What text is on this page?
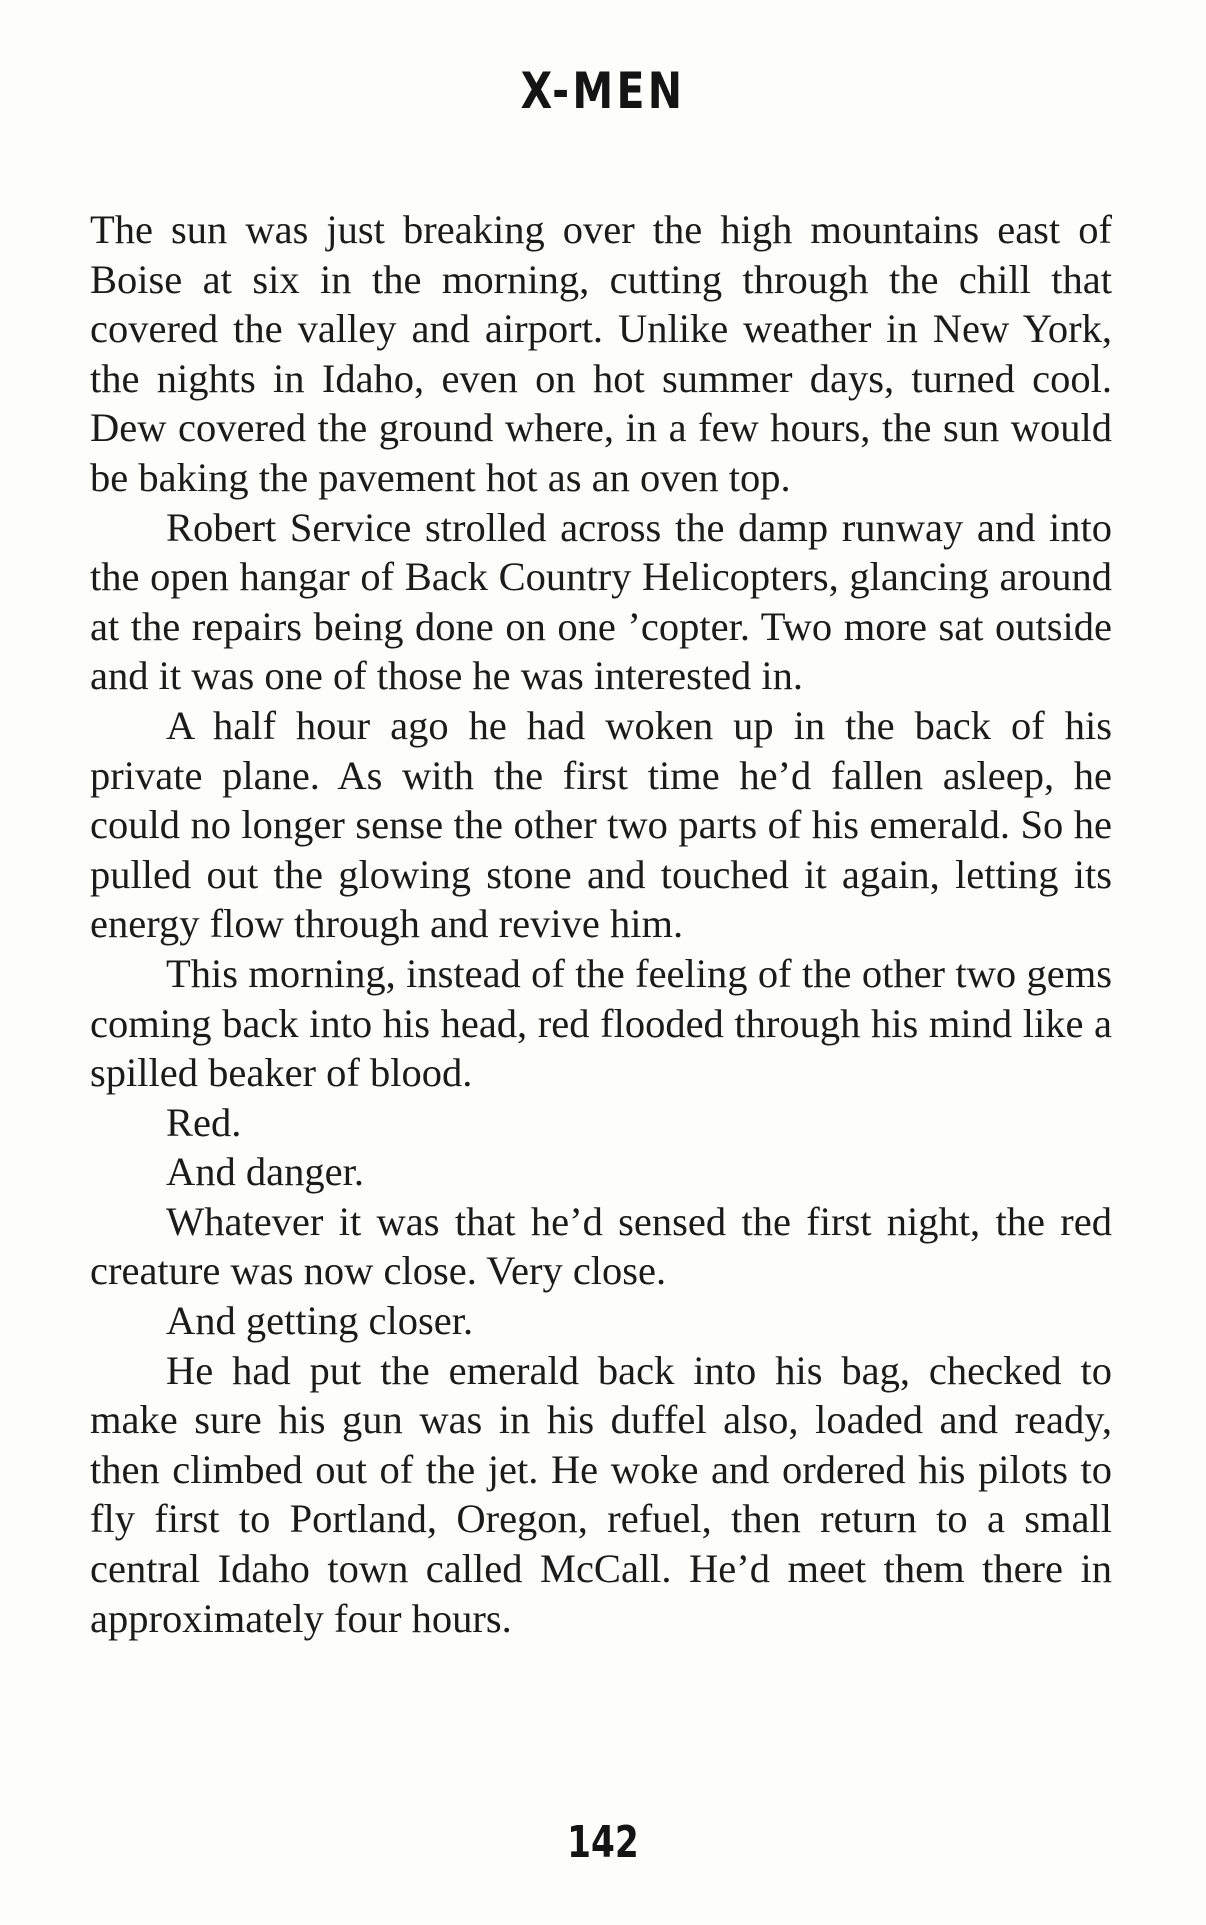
X-MEN

The sun was just breaking over the high mountains east of Boise at six in the morning, cutting through the chill that covered the valley and airport. Unlike weather in New York, the nights in Idaho, even on hot summer days, turned cool. Dew covered the ground where, in a few hours, the sun would be baking the pavement hot as an oven top.

Robert Service strolled across the damp runway and into the open hangar of Back Country Helicopters, glancing around at the repairs being done on one ’copter. Two more sat outside and it was one of those he was interested in.

A half hour ago he had woken up in the back of his private plane. As with the first time he’d fallen asleep, he could no longer sense the other two parts of his emerald. So he pulled out the glowing stone and touched it again, letting its energy flow through and revive him.

This morning, instead of the feeling of the other two gems coming back into his head, red flooded through his mind like a spilled beaker of blood.

Red.

And danger.

Whatever it was that he’d sensed the first night, the red creature was now close. Very close.

And getting closer.

He had put the emerald back into his bag, checked to make sure his gun was in his duffel also, loaded and ready, then climbed out of the jet. He woke and ordered his pilots to fly first to Portland, Oregon, refuel, then return to a small central Idaho town called McCall. He’d meet them there in approximately four hours.

142
